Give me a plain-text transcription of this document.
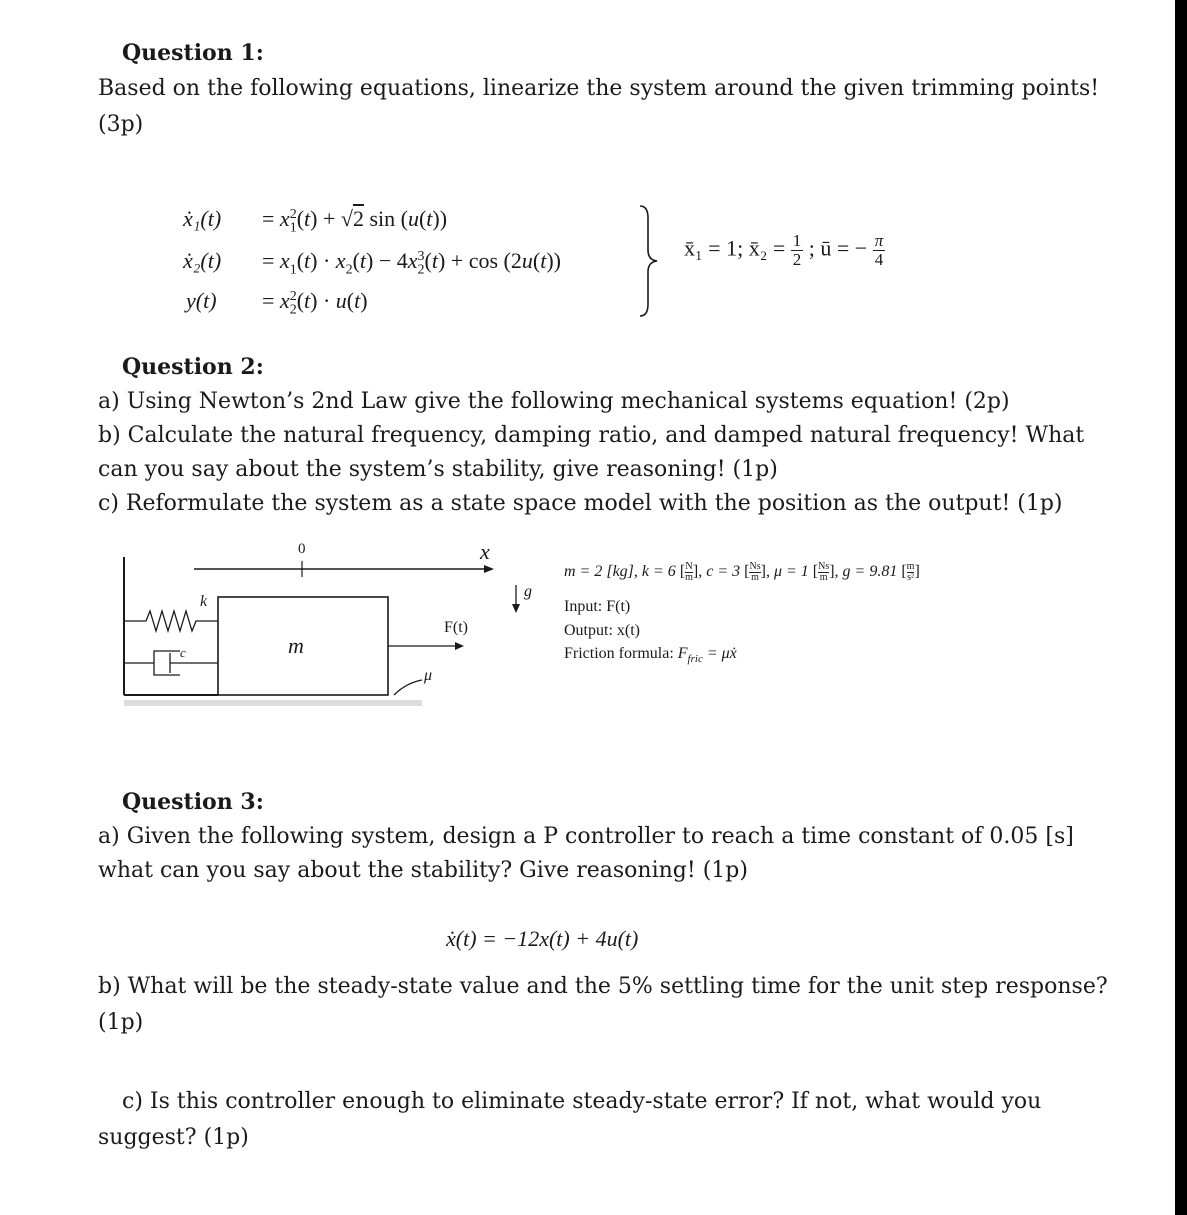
Question 1:
Based on the following equations, linearize the system around the given trimming points!
(3p)
ẋ₁(t)
ẋ₂(t)
y(t)
= $x_1^2(t) + √2$ sin (u(t))
= $x_1(t) \cdot x_2(t) - 4x_2^3(t) + \cos (2u(t))$
= $x_2^2(t) \cdot u(t)$
x̄₁ = 1; x̄₂ = $\frac{1}{2}$ ; ū = − $\frac{\pi}{4}$
Question 2:
a) Using Newton’s 2nd Law give the following mechanical systems equation! (2p)
b) Calculate the natural frequency, damping ratio, and damped natural frequency! What
can you say about the system’s stability, give reasoning! (1p)
c) Reformulate the system as a state space model with the position as the output! (1p)
0	x
k
c	m
F(t)
g
μ
m = 2 [kg], k = 6 [ $\frac{N}{m}$ ], c = 3 [ $\frac{Ns}{m}$ ], μ = 1 [ $\frac{Ns}{m}$ ], g = 9.81 [ $\frac{m}{\text{s²}}$ ]
Input: F(t)
Output: x(t)
Friction formula: $F_{fric}$ = μẋ
Question 3:
a) Given the following system, design a P controller to reach a time constant of 0.05 [s]
what can you say about the stability? Give reasoning! (1p)
ẋ(t) = −12x(t) + 4u(t)
b) What will be the steady-state value and the 5% settling time for the unit step response?
(1p)
c) Is this controller enough to eliminate steady-state error? If not, what would you
suggest? (1p)
